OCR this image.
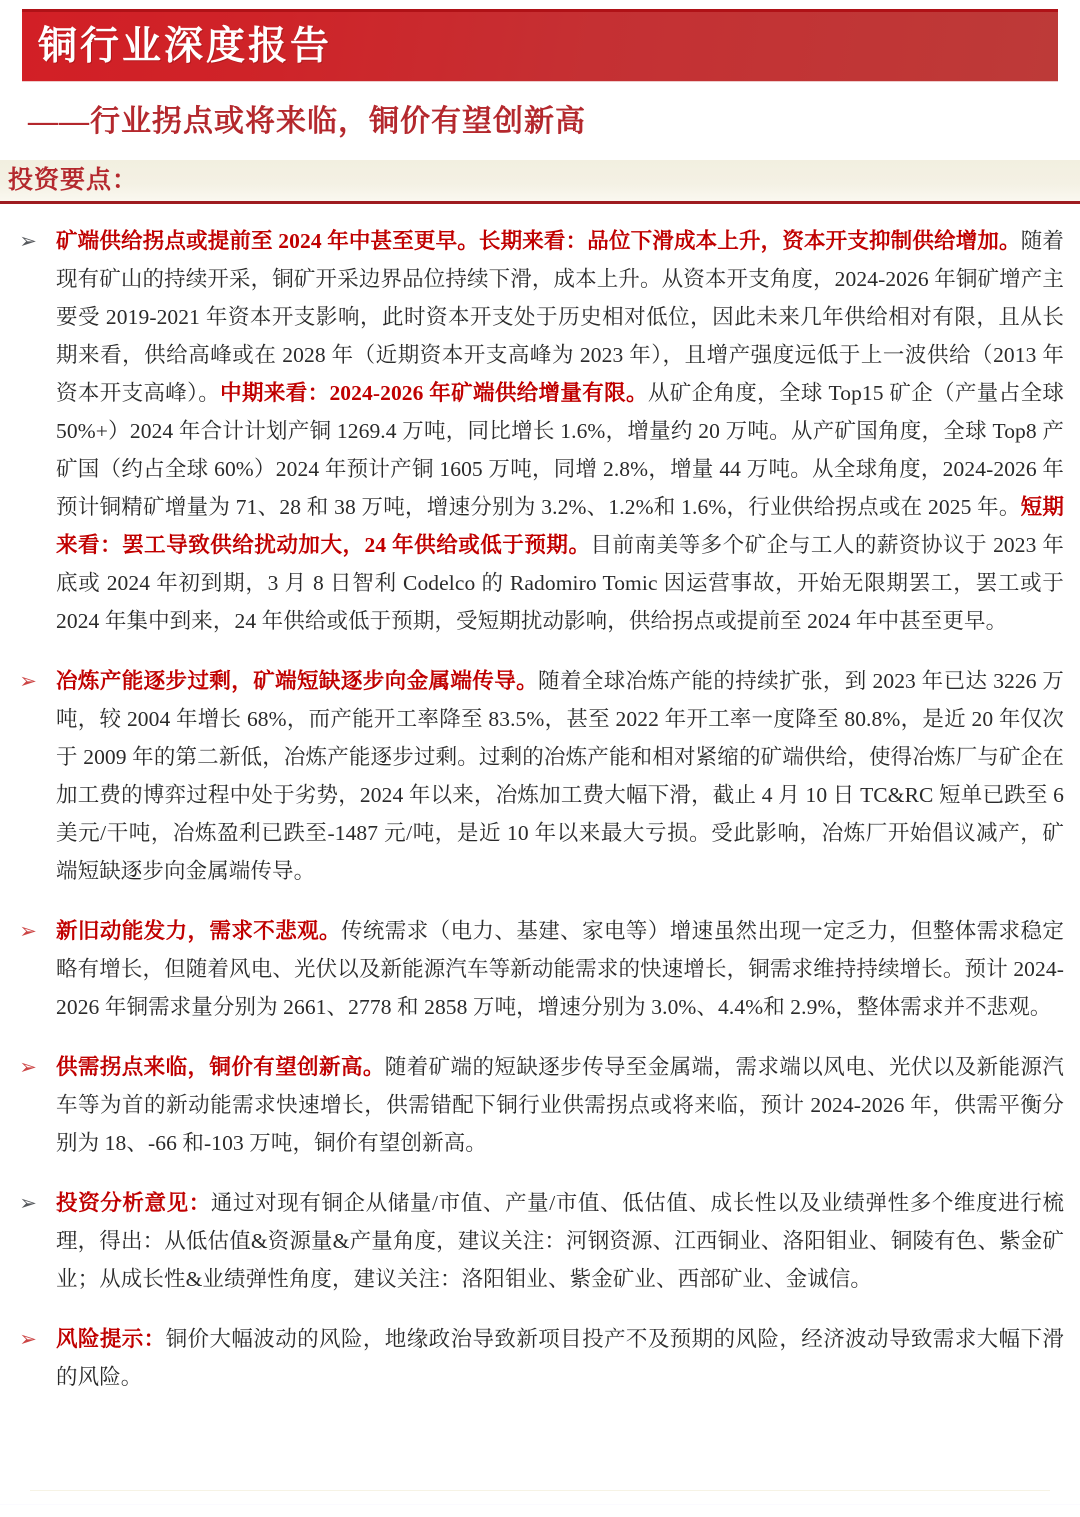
铜行业深度报告
——行业拐点或将来临，铜价有望创新高
投资要点：
➢ 矿端供给拐点或提前至 2024 年中甚至更早。长期来看：品位下滑成本上升，资本开支抑制供给增加。随着现有矿山的持续开采，铜矿开采边界品位持续下滑，成本上升。从资本开支角度，2024-2026 年铜矿增产主要受 2019-2021 年资本开支影响，此时资本开支处于历史相对低位，因此未来几年供给相对有限，且从长期来看，供给高峰或在 2028 年（近期资本开支高峰为 2023 年），且增产强度远低于上一波供给（2013 年资本开支高峰）。中期来看：2024-2026 年矿端供给增量有限。从矿企角度，全球 Top15 矿企（产量占全球50%+）2024 年合计计划产铜 1269.4 万吨，同比增长 1.6%，增量约 20 万吨。从产矿国角度，全球 Top8 产矿国（约占全球 60%）2024 年预计产铜 1605 万吨，同增 2.8%，增量 44 万吨。从全球角度，2024-2026 年预计铜精矿增量为 71、28 和 38 万吨，增速分别为 3.2%、1.2%和 1.6%，行业供给拐点或在 2025 年。短期来看：罢工导致供给扰动加大，24 年供给或低于预期。目前南美等多个矿企与工人的薪资协议于 2023 年底或 2024 年初到期，3 月 8 日智利 Codelco 的 Radomiro Tomic 因运营事故，开始无限期罢工，罢工或于 2024 年集中到来，24 年供给或低于预期，受短期扰动影响，供给拐点或提前至 2024 年中甚至更早。
➢ 冶炼产能逐步过剩，矿端短缺逐步向金属端传导。随着全球冶炼产能的持续扩张，到 2023 年已达 3226 万吨，较 2004 年增长 68%，而产能开工率降至 83.5%，甚至 2022 年开工率一度降至 80.8%，是近 20 年仅次于 2009 年的第二新低，冶炼产能逐步过剩。过剩的冶炼产能和相对紧缩的矿端供给，使得冶炼厂与矿企在加工费的博弈过程中处于劣势，2024 年以来，冶炼加工费大幅下滑，截止 4 月 10 日 TC&RC 短单已跌至 6 美元/干吨，冶炼盈利已跌至-1487 元/吨，是近 10 年以来最大亏损。受此影响，冶炼厂开始倡议减产，矿端短缺逐步向金属端传导。
➢ 新旧动能发力，需求不悲观。传统需求（电力、基建、家电等）增速虽然出现一定乏力，但整体需求稳定略有增长，但随着风电、光伏以及新能源汽车等新动能需求的快速增长，铜需求维持持续增长。预计 2024-2026 年铜需求量分别为 2661、2778 和 2858 万吨，增速分别为 3.0%、4.4%和 2.9%，整体需求并不悲观。
➢ 供需拐点来临，铜价有望创新高。随着矿端的短缺逐步传导至金属端，需求端以风电、光伏以及新能源汽车等为首的新动能需求快速增长，供需错配下铜行业供需拐点或将来临，预计 2024-2026 年，供需平衡分别为 18、-66 和-103 万吨，铜价有望创新高。
➢ 投资分析意见：通过对现有铜企从储量/市值、产量/市值、低估值、成长性以及业绩弹性多个维度进行梳理，得出：从低估值&资源量&产量角度，建议关注：河钢资源、江西铜业、洛阳钼业、铜陵有色、紫金矿业；从成长性&业绩弹性角度，建议关注：洛阳钼业、紫金矿业、西部矿业、金诚信。
➢ 风险提示：铜价大幅波动的风险，地缘政治导致新项目投产不及预期的风险，经济波动导致需求大幅下滑的风险。
